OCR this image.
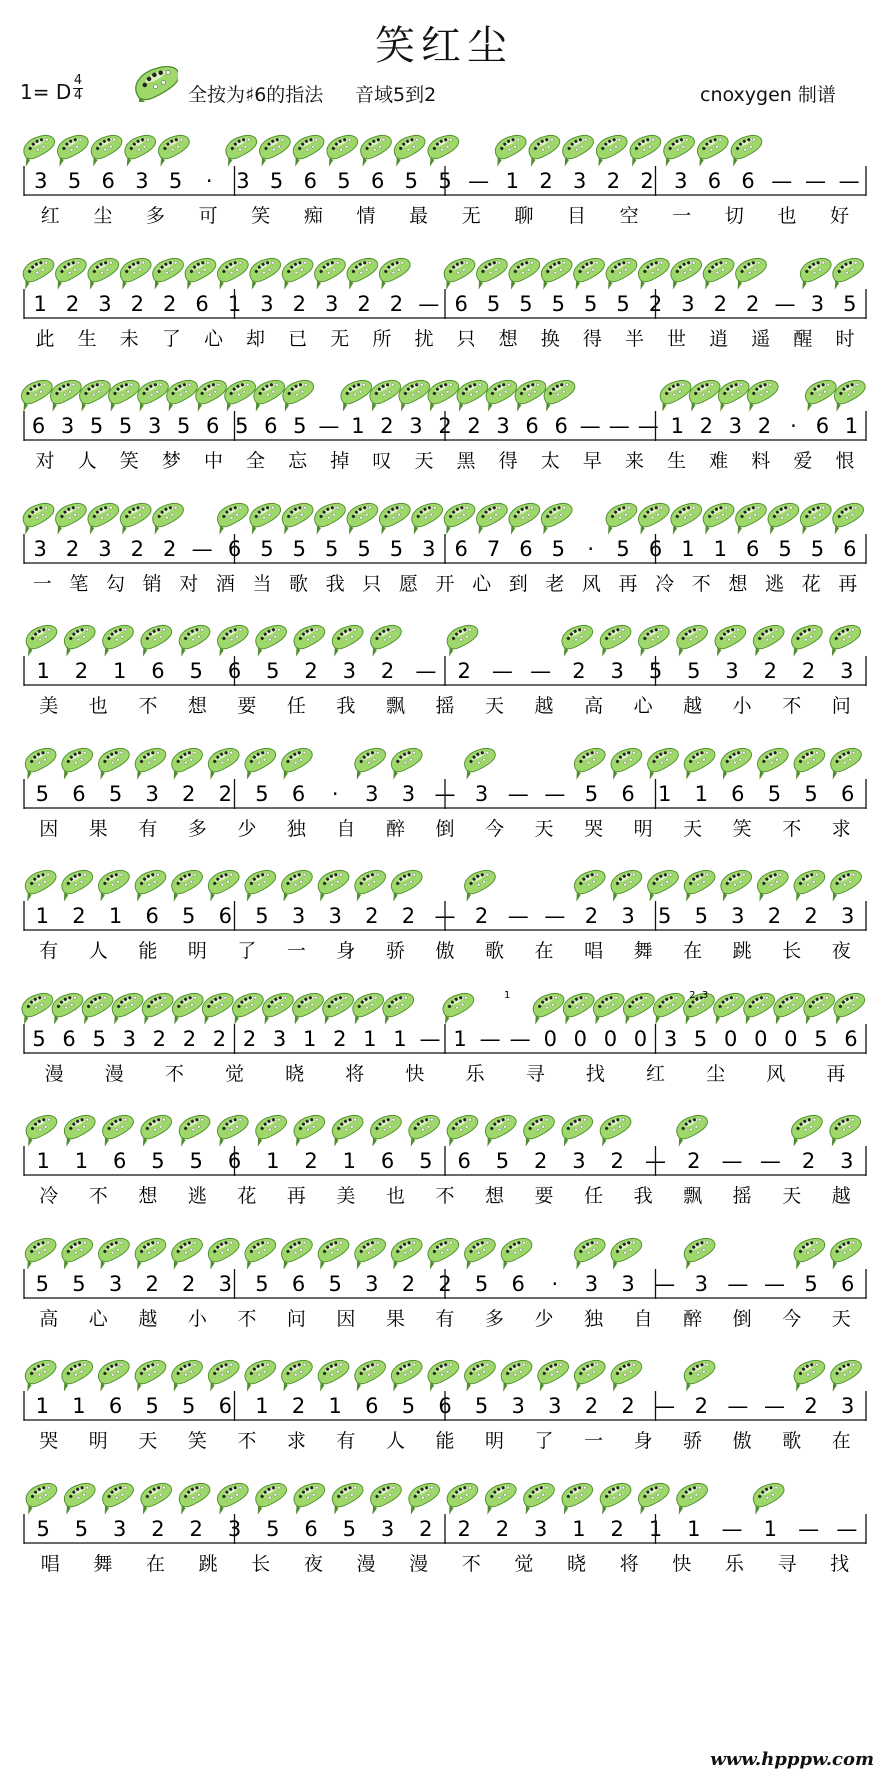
笑红尘
1= D 4
4	全按为♯6的指法 音域5到2	cnoxygen 制谱
3 5 6 3 5 · 3 5 6 5 6 5 5 — 1 2 3 2 2 3 6 6 — — —
红 尘 多 可 笑 痴 情 最 无 聊 目 空 一 切 也 好
1 2 3 2 2 6 1 3 2 3 2 2 — 6 5 5 5 5 5 2 3 2 2 — 3 5
此 生 未 了 心 却 已 无 所 扰 只 想 换 得 半 世 逍 遥 醒 时
6 3 5 5 3 5 6 5 6 5 — 1 2 3 2 2 3 6 6 — — — 1 2 3 2 · 6 1
对 人 笑 梦 中 全 忘 掉 叹 天 黑 得 太 早 来 生 难 料 爱 恨
3 2 3 2 2 — 6 5 5 5 5 5 3 6 7 6 5 · 5 6 1 1 6 5 5 6
一 笔 勾 销 对 酒 当 歌 我 只 愿 开 心 到 老 风 再 冷 不 想 逃 花 再
1 2 1 6 5 6 5 2 3 2 — 2 — — 2 3 5 5 3 2 2 3
美 也 不 想 要 任 我 飘 摇 天 越 高 心 越 小 不 问
5 6 5 3 2 2 5 6 · 3 3 — 3 — — 5 6 1 1 6 5 5 6
因 果 有 多 少 独 自 醉 倒 今 天 哭 明 天 笑 不 求
1 2 1 6 5 6 5 3 3 2 2 — 2 — — 2 3 5 5 3 2 2 3
有 人 能 明 了 一 身 骄 傲 歌 在 唱 舞 在 跳 长 夜
5 6 5 3 2 2 2 2 3 1 2 1 1 — 1 — — 0 0 0 0 3 5 0 0 0 5 6
1	2, 3
漫 漫 不 觉 晓 将 快 乐 寻 找 红 尘 风 再
1 1 6 5 5 6 1 2 1 6 5 6 5 2 3 2 — 2 — — 2 3
冷 不 想 逃 花 再 美 也 不 想 要 任 我 飘 摇 天 越
5 5 3 2 2 3 5 6 5 3 2 2 5 6 · 3 3 — 3 — — 5 6
高 心 越 小 不 问 因 果 有 多 少 独 自 醉 倒 今 天
1 1 6 5 5 6 1 2 1 6 5 6 5 3 3 2 2 — 2 — — 2 3
哭 明 天 笑 不 求 有 人 能 明 了 一 身 骄 傲 歌 在
5 5 3 2 2 3 5 6 5 3 2 2 2 3 1 2 1 1 — 1 — —
唱 舞 在 跳 长 夜 漫 漫 不 觉 晓 将 快 乐 寻 找
www.hpppw.com
